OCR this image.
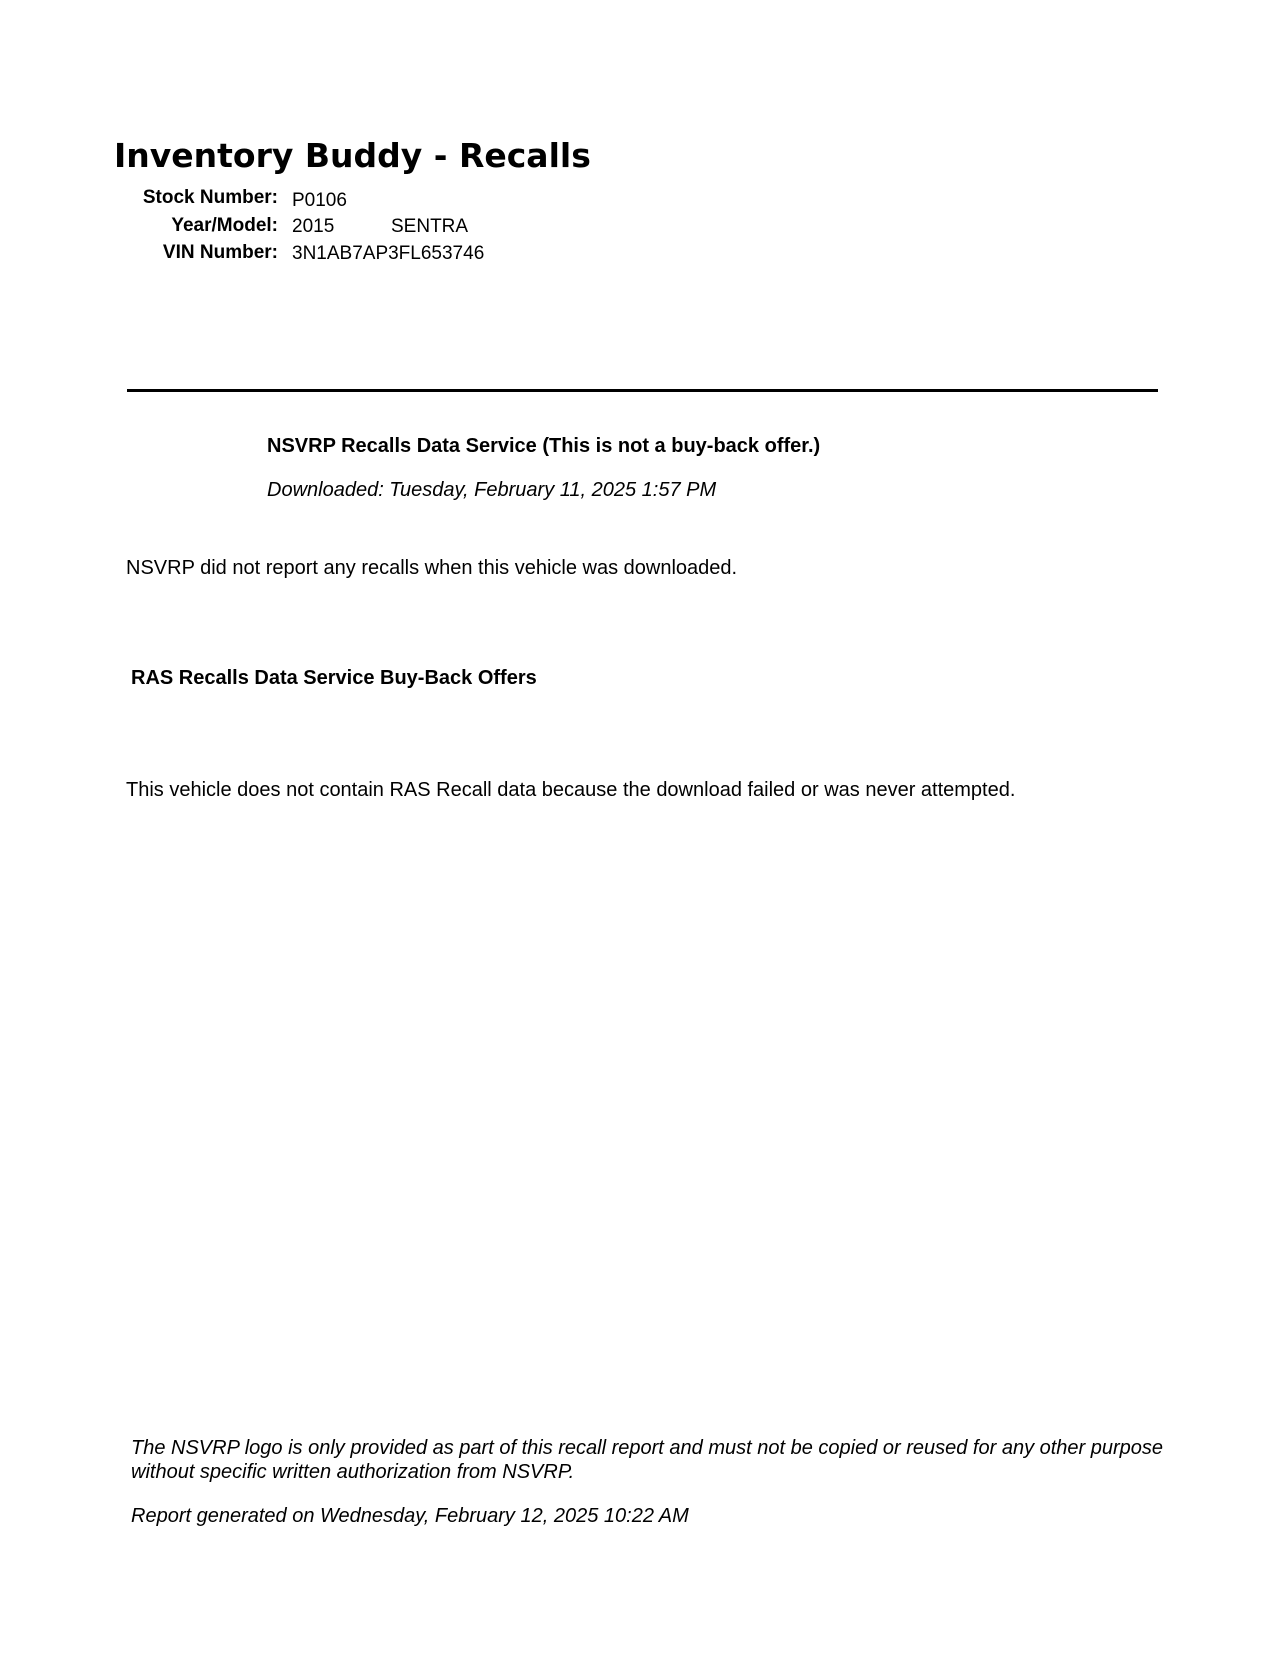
Inventory Buddy - Recalls
Stock Number: P0106
Year/Model: 2015	SENTRA
VIN Number: 3N1AB7AP3FL653746
NSVRP Recalls Data Service (This is not a buy-back offer.)
Downloaded: Tuesday, February 11, 2025 1:57 PM
NSVRP did not report any recalls when this vehicle was downloaded.
RAS Recalls Data Service Buy-Back Offers
This vehicle does not contain RAS Recall data because the download failed or was never attempted.
The NSVRP logo is only provided as part of this recall report and must not be copied or reused for any other purpose without specific written authorization from NSVRP.
Report generated on Wednesday, February 12, 2025 10:22 AM
